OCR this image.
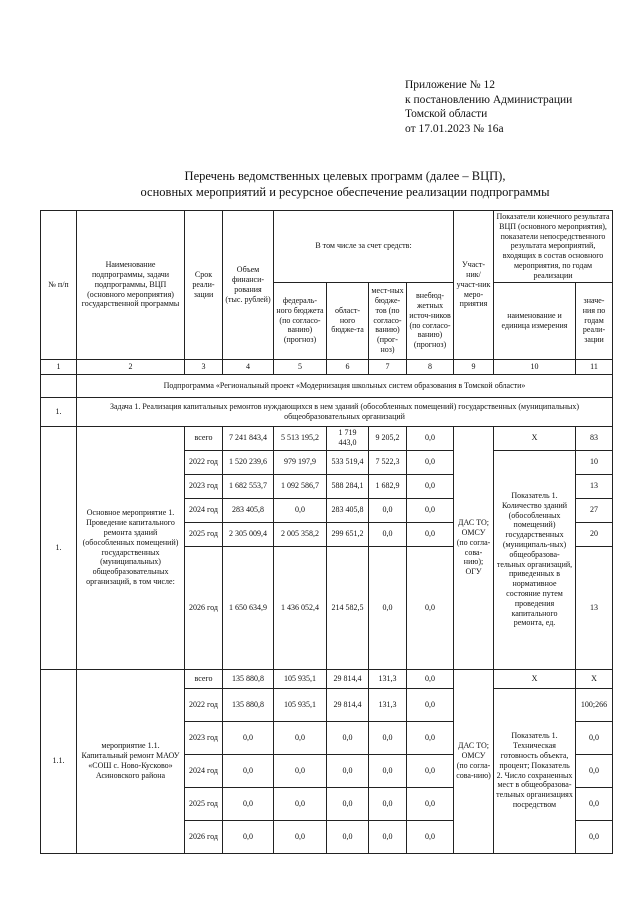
Приложение № 12
к постановлению Администрации
Томской области
от 17.01.2023 № 16а
Перечень ведомственных целевых программ (далее – ВЦП),
основных мероприятий и ресурсное обеспечение реализации подпрограммы
№ п/п	Наименование подпрограммы, задачи подпрограммы, ВЦП (основного мероприятия) государственной программы	Срок реали-зации	Объем финанси-рования (тыс. рублей)	В том числе за счет средств:				Участ-ник/участ-ник меро-приятия	Показатели конечного результата ВЦП (основного мероприятия), показатели непосредственного результата мероприятий, входящих в состав основного мероприятия, по годам реализации	
				федераль-ного бюджета (по согласо-ванию) (прогноз)	област-ного бюдже-та	мест-ных бюдже-тов (по согласо-ванию) (прог-ноз)	внебюд-жетных источ-ников (по согласо-ванию) (прогноз)		наименование и единица измерения	значе-ния по годам реали-зации
1	2	3	4	5	6	7	8	9	10	11
	Подпрограмма «Региональный проект «Модернизация школьных систем образования в Томской области»									
1.	Задача 1. Реализация капитальных ремонтов нуждающихся в нем зданий (обособленных помещений) государственных (муниципальных) общеобразовательных организаций									
1.	Основное мероприятие 1. Проведение капитального ремонта зданий (обособленных помещений) государственных (муниципальных) общеобразовательных организаций, в том числе:	всего	7 241 843,4	5 513 195,2	1 719 443,0	9 205,2	0,0	ДАС ТО; ОМСУ (по согла-сова-нию); ОГУ	Х	83
		2022 год	1 520 239,6	979 197,9	533 519,4	7 522,3	0,0		Показатель 1. Количество зданий (обособленных помещений) государственных (муниципаль-ных) общеобразова-тельных организаций, приведенных в нормативное состояние путем проведения капитального ремонта, ед.	10
		2023 год	1 682 553,7	1 092 586,7	588 284,1	1 682,9	0,0			13
		2024 год	283 405,8	0,0	283 405,8	0,0	0,0			27
		2025 год	2 305 009,4	2 005 358,2	299 651,2	0,0	0,0			20
		2026 год	1 650 634,9	1 436 052,4	214 582,5	0,0	0,0			13
1.1.	мероприятие 1.1. Капитальный ремонт МАОУ «СОШ с. Ново-Кусково» Асиновского района	всего	135 880,8	105 935,1	29 814,4	131,3	0,0	ДАС ТО; ОМСУ (по согла-сова-нию)	Х	Х
		2022 год	135 880,8	105 935,1	29 814,4	131,3	0,0		Показатель 1. Техническая готовность объекта, процент; Показатель 2. Число сохраненных мест в общеобразова-тельных организациях посредством	100;266
		2023 год	0,0	0,0	0,0	0,0	0,0			0,0
		2024 год	0,0	0,0	0,0	0,0	0,0			0,0
		2025 год	0,0	0,0	0,0	0,0	0,0			0,0
		2026 год	0,0	0,0	0,0	0,0	0,0			0,0
